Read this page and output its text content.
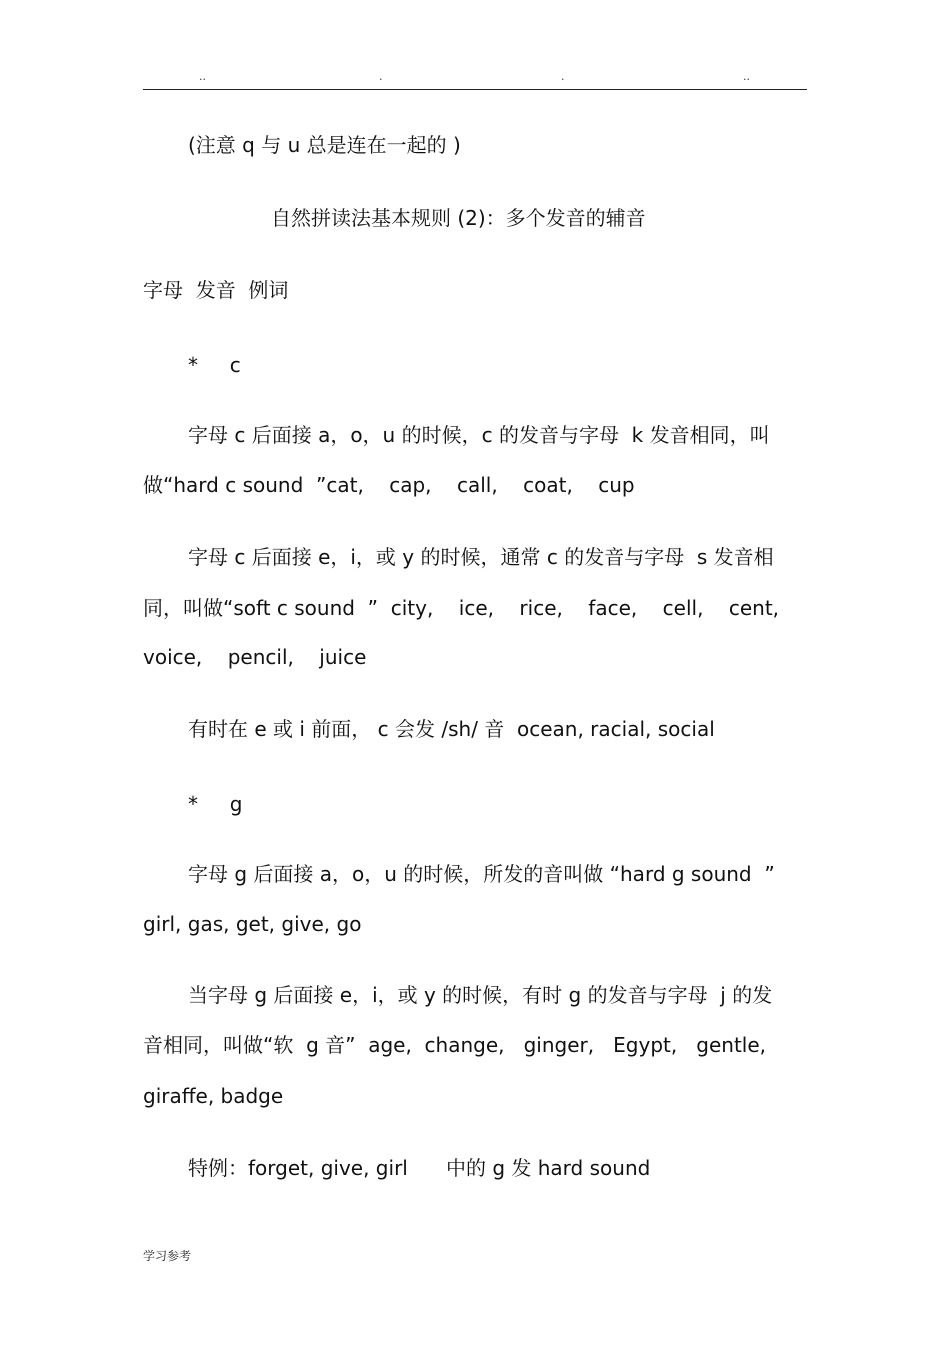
..	.	.	..
(注意 q 与 u 总是连在一起的 )
自然拼读法基本规则 (2)：多个发音的辅音
字母  发音  例词
*     c
字母 c 后面接 a，o，u 的时候，c 的发音与字母  k 发音相同，叫
做“hard c sound  ”cat,    cap,    call,    coat,    cup
字母 c 后面接 e，i，或 y 的时候，通常 c 的发音与字母  s 发音相
同，叫做“soft c sound  ”  city,    ice,    rice,    face,    cell,    cent,
voice,    pencil,    juice
有时在 e 或 i 前面， c 会发 /sh/ 音  ocean, racial, social
*     g
字母 g 后面接 a，o，u 的时候，所发的音叫做 “hard g sound  ”
girl, gas, get, give, go
当字母 g 后面接 e，i，或 y 的时候，有时 g 的发音与字母  j 的发
音相同，叫做“软  g 音”  age,  change,   ginger,   Egypt,   gentle,
giraffe, badge
特例：forget, give, girl      中的 g 发 hard sound
学习参考
